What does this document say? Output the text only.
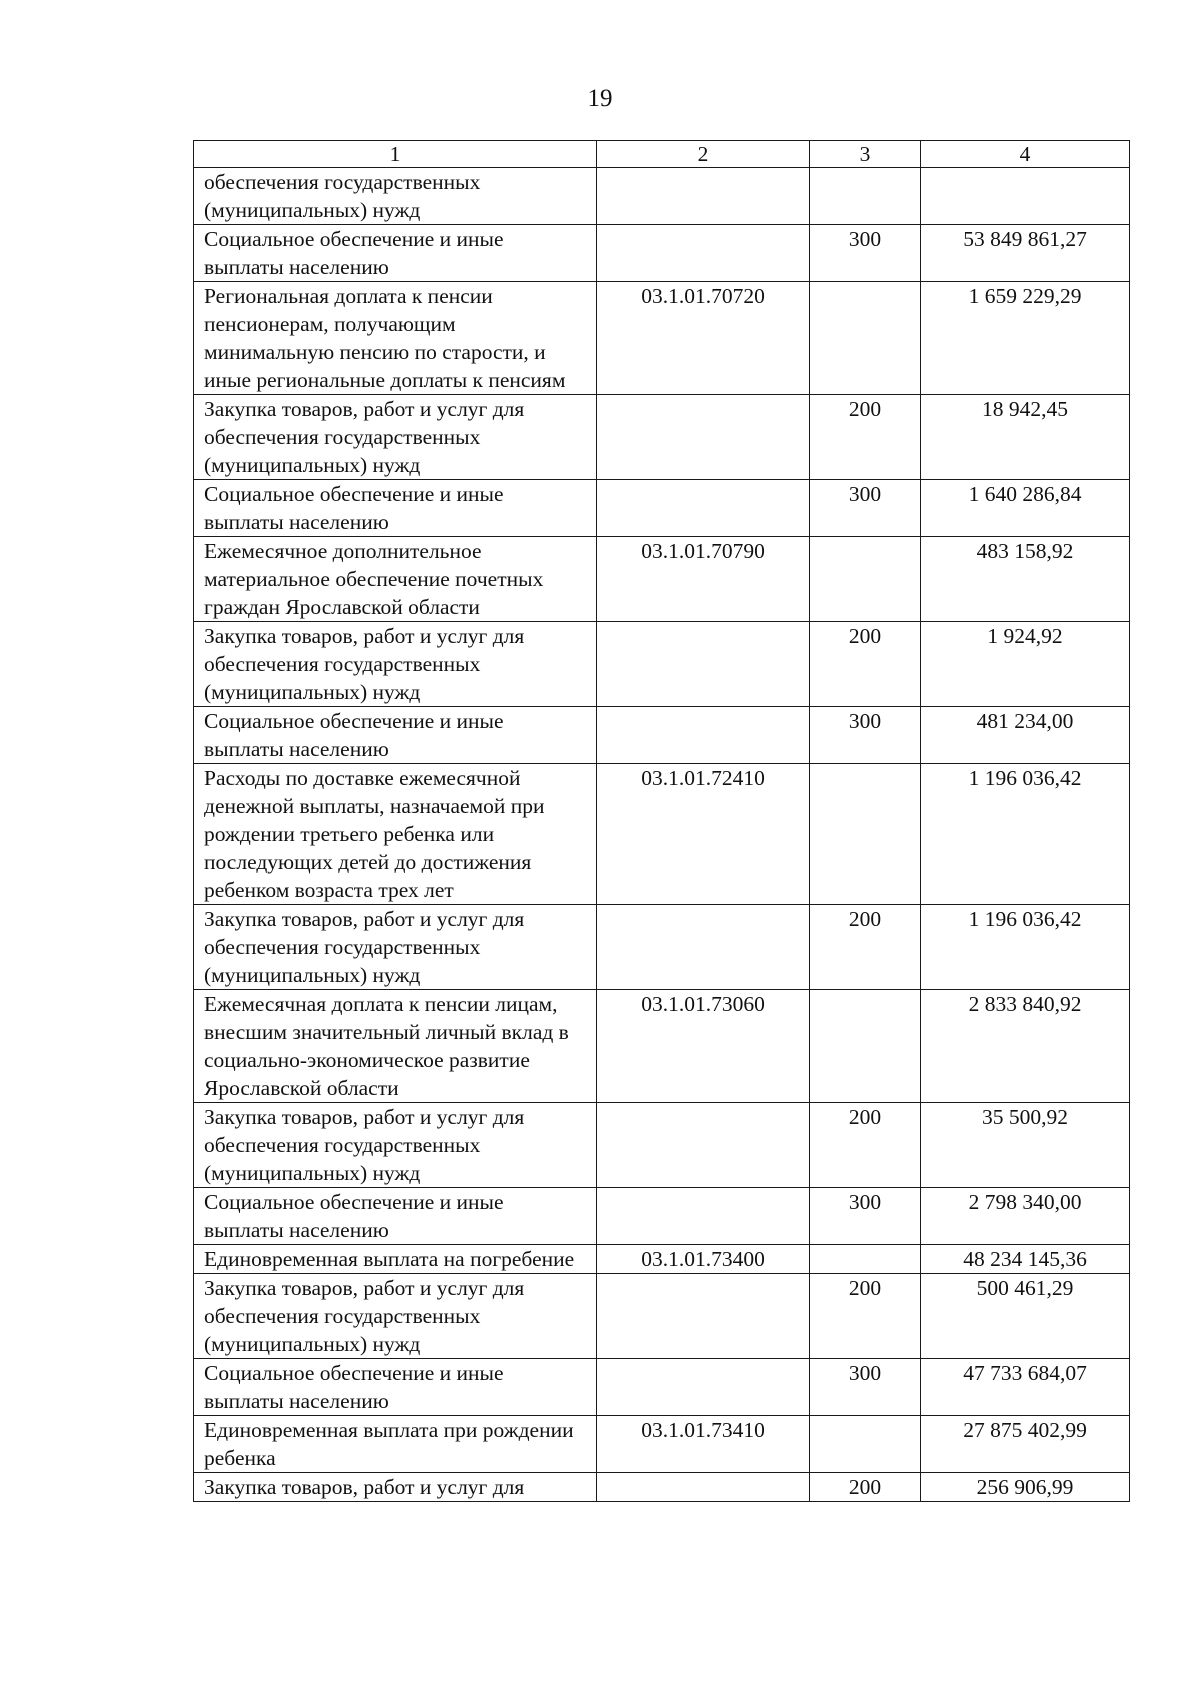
19
1	2	3	4
обеспечения государственных (муниципальных) нужд			
Социальное обеспечение и иные выплаты населению		300	53 849 861,27
Региональная доплата к пенсии пенсионерам, получающим минимальную пенсию по старости, и иные региональные доплаты к пенсиям	03.1.01.70720		1 659 229,29
Закупка товаров, работ и услуг для обеспечения государственных (муниципальных) нужд		200	18 942,45
Социальное обеспечение и иные выплаты населению		300	1 640 286,84
Ежемесячное дополнительное материальное обеспечение почетных граждан Ярославской области	03.1.01.70790		483 158,92
Закупка товаров, работ и услуг для обеспечения государственных (муниципальных) нужд		200	1 924,92
Социальное обеспечение и иные выплаты населению		300	481 234,00
Расходы по доставке ежемесячной денежной выплаты, назначаемой при рождении третьего ребенка или последующих детей до достижения ребенком возраста трех лет	03.1.01.72410		1 196 036,42
Закупка товаров, работ и услуг для обеспечения государственных (муниципальных) нужд		200	1 196 036,42
Ежемесячная доплата к пенсии лицам, внесшим значительный личный вклад в социально-экономическое развитие Ярославской области	03.1.01.73060		2 833 840,92
Закупка товаров, работ и услуг для обеспечения государственных (муниципальных) нужд		200	35 500,92
Социальное обеспечение и иные выплаты населению		300	2 798 340,00
Единовременная выплата на погребение	03.1.01.73400		48 234 145,36
Закупка товаров, работ и услуг для обеспечения государственных (муниципальных) нужд		200	500 461,29
Социальное обеспечение и иные выплаты населению		300	47 733 684,07
Единовременная выплата при рождении ребенка	03.1.01.73410		27 875 402,99
Закупка товаров, работ и услуг для		200	256 906,99
